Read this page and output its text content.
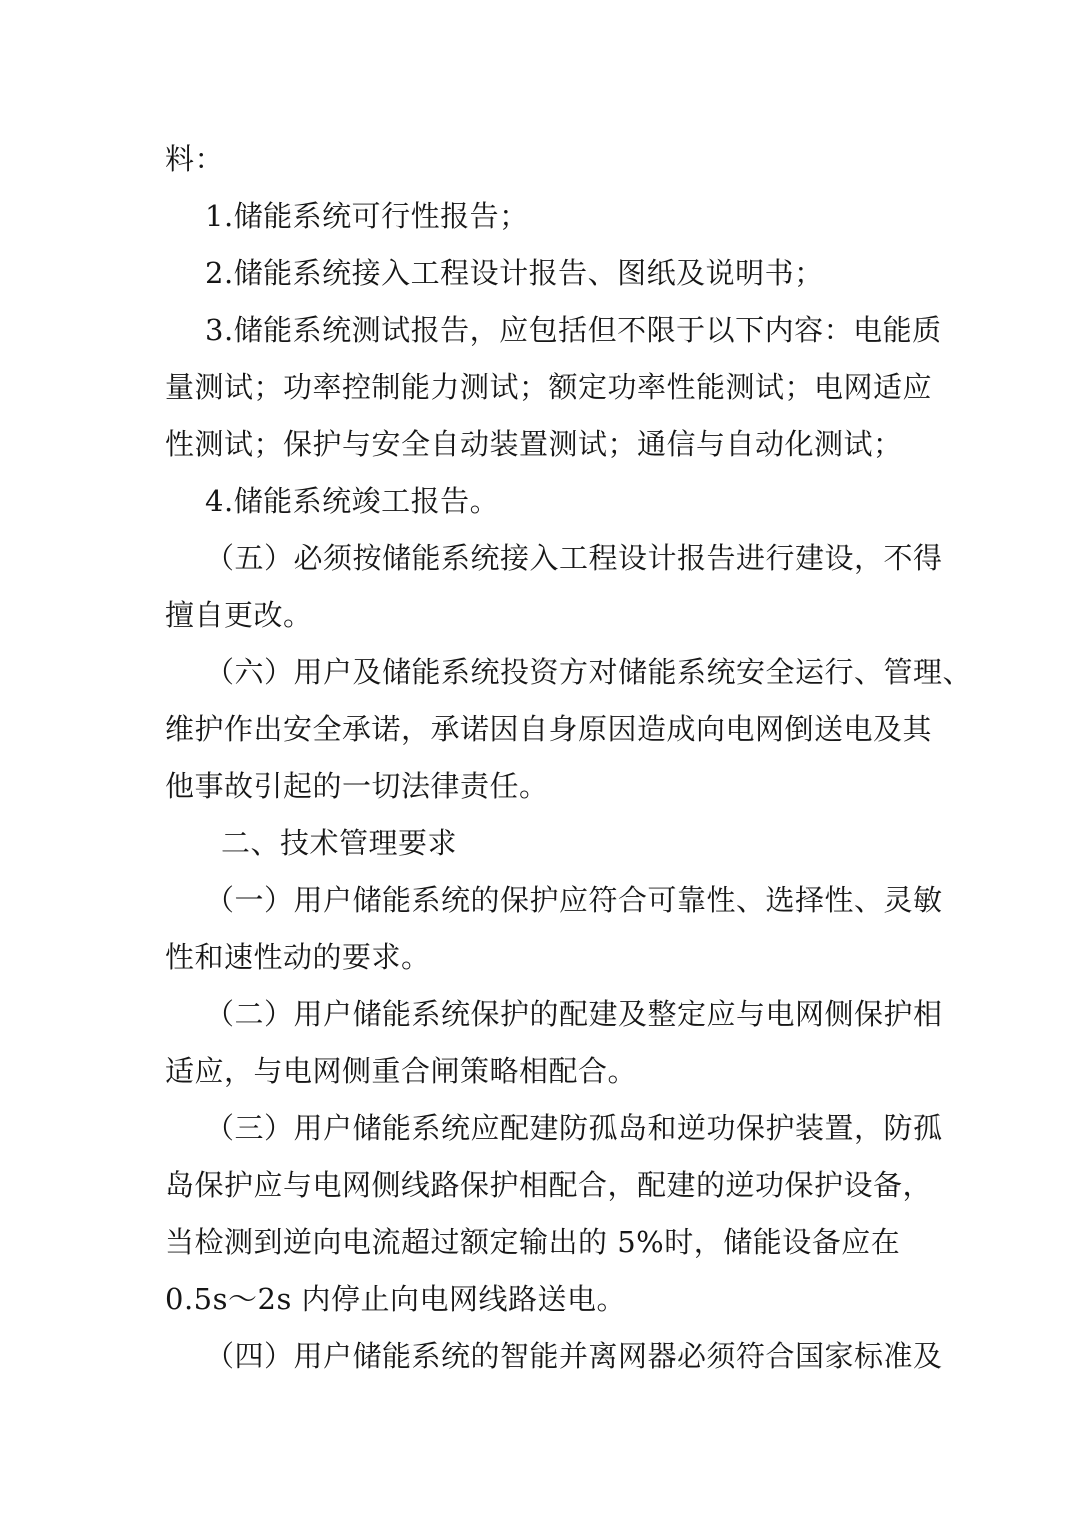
料：
1.储能系统可行性报告；
2.储能系统接入工程设计报告、图纸及说明书；
3.储能系统测试报告，应包括但不限于以下内容：电能质
量测试；功率控制能力测试；额定功率性能测试；电网适应
性测试；保护与安全自动装置测试；通信与自动化测试；
4.储能系统竣工报告。
（五）必须按储能系统接入工程设计报告进行建设，不得
擅自更改。
（六）用户及储能系统投资方对储能系统安全运行、管理、
维护作出安全承诺，承诺因自身原因造成向电网倒送电及其
他事故引起的一切法律责任。
二、技术管理要求
（一）用户储能系统的保护应符合可靠性、选择性、灵敏
性和速性动的要求。
（二）用户储能系统保护的配建及整定应与电网侧保护相
适应，与电网侧重合闸策略相配合。
（三）用户储能系统应配建防孤岛和逆功保护装置，防孤
岛保护应与电网侧线路保护相配合，配建的逆功保护设备，
当检测到逆向电流超过额定输出的 5%时，储能设备应在
0.5s～2s 内停止向电网线路送电。
（四）用户储能系统的智能并离网器必须符合国家标准及
